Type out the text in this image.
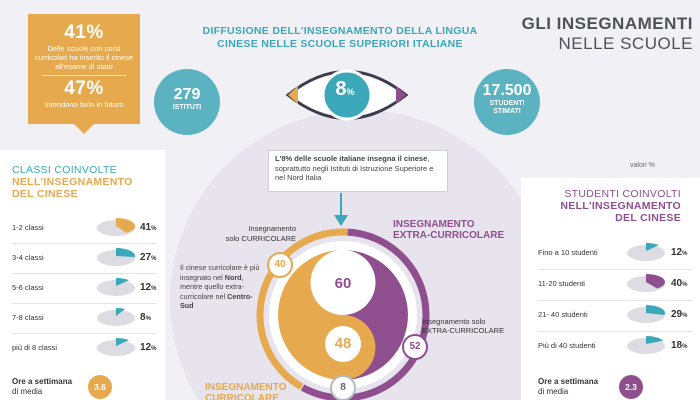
41%
Delle scuole con corsi curricolari ha inserito il cinese all'esame di stato
47%
Intendono farlo in futuro
DIFFUSIONE DELL'INSEGNAMENTO DELLA LINGUA CINESE NELLE SCUOLE SUPERIORI ITALIANE
GLI INSEGNAMENTI
NELLE SCUOLE
279
ISTITUTI
17.500
STUDENTI
STIMATI
8%
L'8% delle scuole italiane insegna il cinese, soprattutto negli Istituti di Istruzione Superiore e nel Nord Italia
valori %
CLASSI COINVOLTE
NELL'INSEGNAMENTO
DEL CINESE
1-2 classi	41%
3-4 classi	27%
5-6 classi	12%
7-8 classi	8%
più di 8 classi	12%
Ore a settimana
di media	3.6
STUDENTI COINVOLTI
NELL'INSEGNAMENTO
DEL CINESE
Fino a 10 studenti	12%
11-20 studenti	40%
21- 40 studenti	29%
Più di 40 studenti	18%
Ore a settimana
di media	2.3
60
48
40
52
8
Insegnamento
solo CURRICOLARE
INSEGNAMENTO
EXTRA-CURRICOLARE
Insegnamento solo
EXTRA-CURRICOLARE
INSEGNAMENTO
CURRICOLARE
Il cinese curricolare è più insegnato nel Nord, mentre quello extra-curricolare nel Centro-Sud
